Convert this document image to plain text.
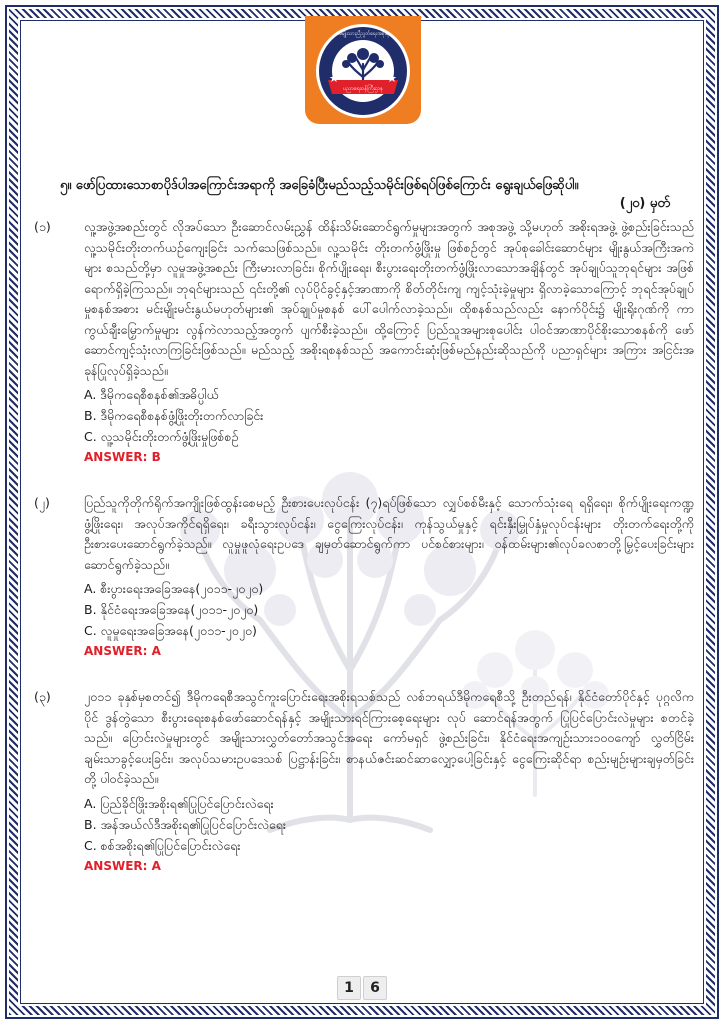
ပညာရေးဝန်ကြီးဌာန
အမျိုးသားညီညွတ်ရေးအစိုးရ
၅။ ဖော်ပြထားသောစာပိုဒ်ပါအကြောင်းအရာကို အခြေခံပြီးမည်သည့်သမိုင်းဖြစ်ရပ်ဖြစ်ကြောင်း ရွေးချယ်ဖြေဆိုပါ။
(၂၀) မှတ်
(၁)	လူ့အဖွဲ့အစည်းတွင် လိုအပ်သော ဦးဆောင်လမ်းညွှန် ထိန်းသိမ်းဆောင်ရွက်မှုများအတွက် အစုအဖွဲ့ သို့မဟုတ် အစိုးရအဖွဲ့ ဖွဲ့စည်းခြင်းသည် လူ့သမိုင်းတိုးတက်ယဉ်ကျေးခြင်း သက်သေဖြစ်သည်။ လူ့သမိုင်း တိုးတက်ဖွံ့ဖြိုးမှု ဖြစ်စဉ်တွင် အုပ်စုခေါင်းဆောင်များ မျိုးနွယ်အကြီးအကဲများ စသည်တို့မှာ လူမှုအဖွဲ့အစည်း ကြီးမားလာခြင်း၊ စိုက်ပျိုးရေး၊ စီးပွားရေးတိုးတက်ဖွံ့ဖြိုးလာသောအချိန်တွင် အုပ်ချုပ်သူဘုရင်များ အဖြစ် ရောက်ရှိခဲ့ကြသည်။ ဘုရင်များသည် ၎င်းတို့၏ လုပ်ပိုင်ခွင့်နှင့်အာဏာကို စိတ်တိုင်းကျ ကျင့်သုံးခဲ့မှုများ ရှိလာခဲ့သောကြောင့် ဘုရင်အုပ်ချုပ်မှုစနစ်အစား မင်းမျိုးမင်းနွယ်မဟုတ်များ၏ အုပ်ချုပ်မှုစနစ် ပေါ်ပေါက်လာခဲ့သည်။ ထိုစနစ်သည်လည်း နောက်ပိုင်း၌ မျိုးရိုးဂုဏ်ကို ကာကွယ်ချီးမြှောက်မှုများ လွန်ကဲလာသည့်အတွက် ပျက်စီးခဲ့သည်။ ထို့ကြောင့် ပြည်သူအများစုပေါင်း ပါဝင်အာဏာပိုင်စိုးသောစနစ်ကို ဖော်ဆောင်ကျင့်သုံးလာကြခြင်းဖြစ်သည်။ မည်သည့် အစိုးရစနစ်သည် အကောင်းဆုံးဖြစ်မည်နည်းဆိုသည်ကို ပညာရှင်များ အကြား အငြင်းအခုန်ပြုလုပ်ရှိခဲ့သည်။
A. ဒီမိုကရေစီစနစ်၏အဓိပ္ပါယ်
B. ဒီမိုကရေစီစနစ်ဖွံ့ဖြိုးတိုးတက်လာခြင်း
C. လူ့သမိုင်းတိုးတက်ဖွံ့ဖြိုးမှုဖြစ်စဉ်
ANSWER: B
(၂)	ပြည်သူကိုတိုက်ရိုက်အကျိုးဖြစ်ထွန်းစေမည့် ဦးစားပေးလုပ်ငန်း (၇)ရပ်ဖြစ်သော လျှပ်စစ်မီးနှင့် သောက်သုံးရေ ရရှိရေး၊ စိုက်ပျိုးရေးကဏ္ဍဖွံ့ဖြိုးရေး၊ အလုပ်အကိုင်ရရှိရေး၊ ခရီးသွားလုပ်ငန်း၊ ငွေကြေးလုပ်ငန်း၊ ကုန်သွယ်မှုနှင့် ရင်းနှီးမြှုပ်နှံမှုလုပ်ငန်းများ တိုးတက်ရေးတို့ကို ဦးစားပေးဆောင်ရွက်ခဲ့သည်။ လူမှုဖူလုံရေးဥပဒေ ချမှတ်ဆောင်ရွက်ကာ ပင်စင်စားများ၊ ဝန်ထမ်းများ၏လုပ်ခလစာတို့မြှင့်ပေးခြင်းများ ဆောင်ရွက်ခဲ့သည်။
A. စီးပွားရေးအခြေအနေ(၂၀၁၁-၂၀၂၀)
B. နိုင်ငံရေးအခြေအနေ(၂၀၁၁-၂၀၂၀)
C. လူမှုရေးအခြေအနေ(၂၀၁၁-၂၀၂၀)
ANSWER: A
(၃)	၂၀၁၁ ခုနှစ်မှစတင်၍ ဒီမိုကရေစီအသွင်ကူးပြောင်းရေးအစိုးရသစ်သည် လစ်ဘရယ်ဒီမိုကရေစီသို့ ဦးတည်ရန်၊ နိုင်ငံတော်ပိုင်နှင့် ပုဂ္ဂလိကပိုင် ဒွန်တွဲသော စီးပွားရေးစနစ်ဖော်ဆောင်ရန်နှင့် အမျိုးသားရင်ကြားစေ့ရေးများ လုပ် ဆောင်ရန်အတွက် ပြုပြင်ပြောင်းလဲမှုများ စတင်ခဲ့သည်။ ပြောင်းလဲမှုများတွင် အမျိုးသားလွှတ်တော်အသွင်အရေး ကော်မရှင် ဖွဲ့စည်းခြင်း၊ နိုင်ငံရေးအကျဉ်းသား၁၀၀ကျော် လွှတ်ငြိမ်း ချမ်းသာခွင့်ပေးခြင်း၊ အလုပ်သမားဥပဒေသစ် ပြဋ္ဌာန်းခြင်း၊ စာနယ်ဇင်းဆင်ဆာလျှော့ပေါ့ခြင်းနှင့် ငွေကြေးဆိုင်ရာ စည်းမျဉ်းများချမှတ်ခြင်းတို့ ပါဝင်ခဲ့သည်။
A. ပြည်ခိုင်ဖြိုးအစိုးရ၏ပြုပြင်ပြောင်းလဲရေး
B. အန်အယ်လ်ဒီအစိုးရ၏ပြုပြင်ပြောင်းလဲရေး
C. စစ်အစိုးရ၏ပြုပြင်ပြောင်းလဲရေး
ANSWER: A
1	6
